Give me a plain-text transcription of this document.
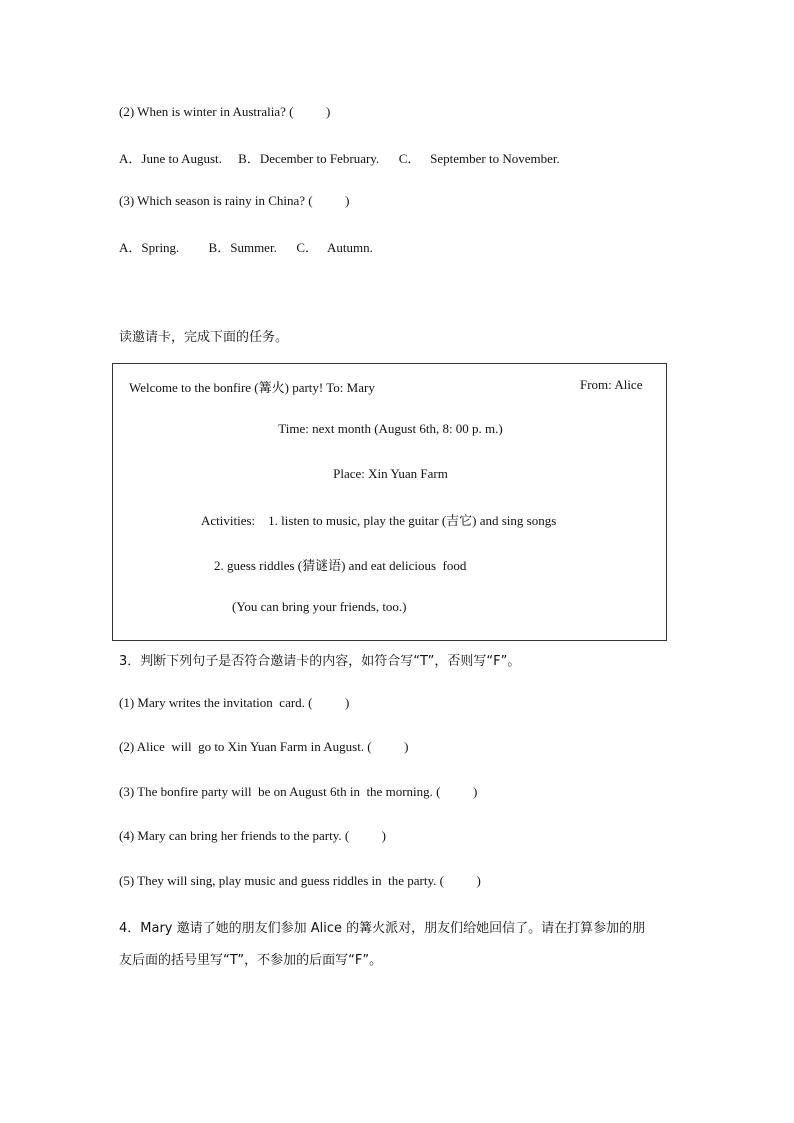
(2) When is winter in Australia? (          )
A．June to August.     B．December to February.      C．   September to November.
(3) Which season is rainy in China? (          )
A．Spring.         B．Summer.      C．   Autumn.
读邀请卡，完成下面的任务。
Welcome to the bonfire (篝火) party! To: Mary	From: Alice
Time: next month (August 6th, 8: 00 p. m.)
Place: Xin Yuan Farm
Activities:    1. listen to music, play the guitar (吉它) and sing songs
2. guess riddles (猜谜语) and eat delicious  food
(You can bring your friends, too.)
3．判断下列句子是否符合邀请卡的内容，如符合写“T”，否则写“F”。
(1) Mary writes the invitation  card. (          )
(2) Alice  will  go to Xin Yuan Farm in August. (          )
(3) The bonfire party will  be on August 6th in  the morning. (          )
(4) Mary can bring her friends to the party. (          )
(5) They will sing, play music and guess riddles in  the party. (          )
4．Mary 邀请了她的朋友们参加 Alice 的篝火派对，朋友们给她回信了。请在打算参加的朋
友后面的括号里写“T”，不参加的后面写“F”。
